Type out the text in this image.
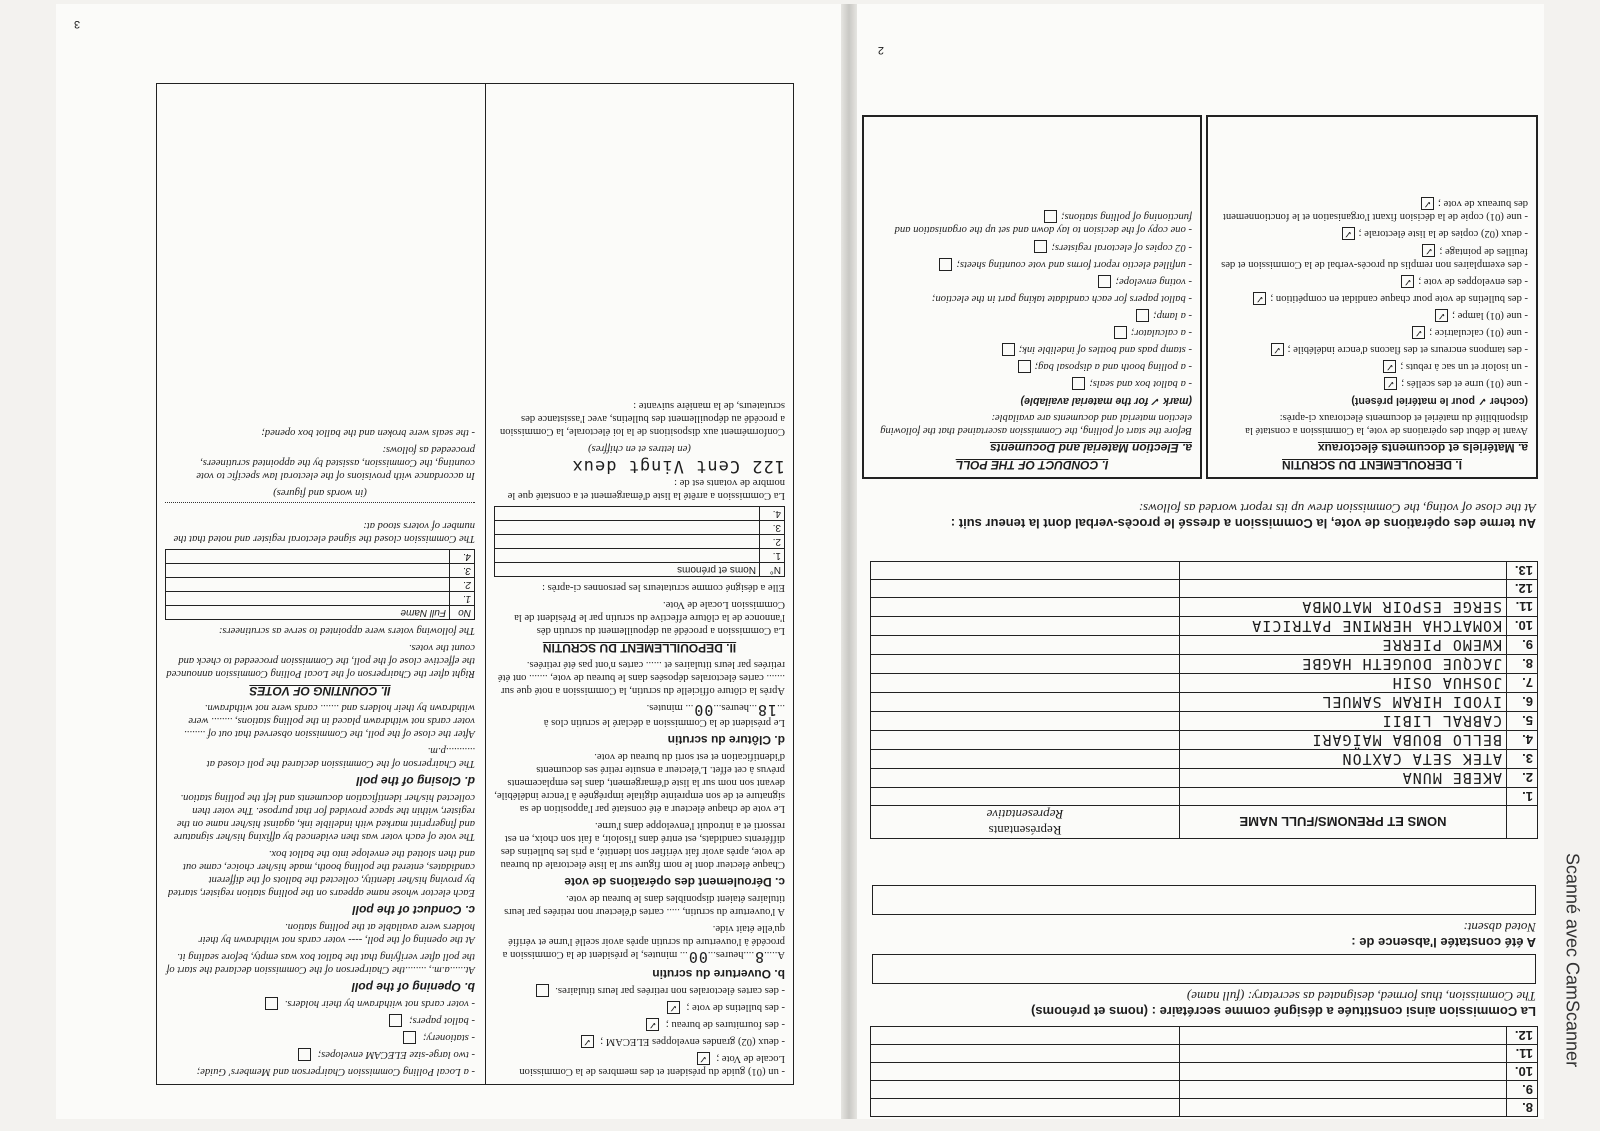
3

- un (01) guide du président et des membres de la Commission Locale de Vote ; ✓

- deux (02) grandes enveloppes ELECAM ; ✓

- des fournitures de bureau ; ✓

- des bulletins de vote ; ✓

- des cartes électorales non retirées par leurs titulaires.

b. Ouverture du scrutin

A.....8....heures...00... minutes, le président de la Commission a procédé à l'ouverture du scrutin après avoir scellé l'urne et vérifié qu'elle était vide.

A l'ouverture du scrutin, ..... cartes d'électeur non retirées par leurs titulaires étaient disponibles dans le bureau de vote.

c. Déroulement des opérations de vote

Chaque électeur dont le nom figure sur la liste électorale du bureau de vote, après avoir fait vérifier son identité, a pris les bulletins des différents candidats, est entré dans l'isoloir, a fait son choix, en est ressorti et a introduit l'enveloppe dans l'urne.

Le vote de chaque électeur a été constaté par l'apposition de sa signature et de son empreinte digitale imprégnée à l'encre indélébile, devant son nom sur la liste d'émargement, dans les emplacements prévus à cet effet. L'électeur a ensuite retiré ses documents d'identification et est sorti du bureau de vote.

d. Clôture du scrutin

Le président de la Commission a déclaré le scrutin clos à ...18...heures...00... minutes.

Après la clôture officielle du scrutin, la Commission a noté que sur ....... cartes électorales déposées dans le bureau de vote, ....... ont été retirées par leurs titulaires et ...... cartes n'ont pas été retirées.

II. DEPOUILLEMENT DU SCRUTIN

La Commission a procédé au dépouillement du scrutin dès l'annonce de la clôture effective du scrutin par le Président de la Commission Locale de Vote.

Elle a désigné comme scrutateurs les personnes ci-après :

N°	Noms et prénoms
1.	
2.	
3.	
4.	

La Commission a arrêté la liste d'émargement et a constaté que le nombre de votants est de :

122 Cent Vingt deux

(en lettres et en chiffres)

Conformément aux dispositions de la loi électorale, la Commission a procédé au dépouillement des bulletins, avec l'assistance des scrutateurs, de la manière suivante :

- a Local Polling Commission Chairperson and Members' Guide;

- two large-size ELECAM envelopes;

- stationery;

- ballot papers;

- voter cards not withdrawn by their holders.

b. Opening of the poll

At......a.m., ........the Chairperson of the Commission declared the start of the poll after verifying that the ballot box was empty, before sealing it.

At the opening of the poll, ---- voter cards not withdrawn by their holders were available at the polling station.

c. Conduct of the poll

Each elector whose name appears on the polling station register, started by proving his/her identity, collected the ballots of the different candidates, entered the polling booth, made his/her choice, came out and then slotted the envelope into the ballot box.

The vote of each voter was then evidenced by affixing his/her signature and fingerprint marked with indelible ink, against his/her name on the register, within the space provided for that purpose. The voter then collected his/her identification documents and left the polling station.

d. Closing of the poll

The Chairperson of the Commission declared the poll closed at ...........p.m.

After the close of the poll, the Commission observed that out of ........ voter cards not withdrawn placed in the polling stations, ........ were withdrawn by their holders and ....... cards were not withdrawn.

II. COUNTING OF VOTES

Right after the Chairperson of the Local Polling Commission announced the effective close of the poll, the Commission proceeded to check and count the votes.

The following voters were appointed to serve as scrutineers:

No	Full Name
1.	
2.	
3.	
4.	

The Commission closed the signed electoral register and noted that the number of voters stood at:

(in words and figures)

In accordance with provisions of the electoral law specific to vote counting, the Commission, assisted by the appointed scrutineers, proceeded as follows:

- the seals were broken and the ballot box opened;

2
8.		
9.		
10.		
11.		
12.		
La Commission ainsi constituée a désigné comme secrétaire : (noms et prénoms)
The Commission, thus formed, designated as secretary: (full name)
A été constatée l'absence de :
Noted absent:
	NOMS ET PRENOMS/FULL NAME	Représentants
Representative
1.		
2.	AKEBE MUNA	
3.	ATEK SETA CAXTON	
4.	BELLO BOUBA MAÏGARI	
5.	CABRAL LIBII	
6.	IYODI HIRAM SAMUEL	
7.	JOSHUA OSIH	
8.	JACQUE DOUGETH HAGBE	
9.	KWEMO PIERRE	
10.	KOMATCHA HERMINE PATRICIA	
11.	SERGE ESPOIR MATOMBA	
12.		
13.		
Au terme des opérations de vote, la Commission a dressé le procès-verbal dont la teneur suit :
At the close of voting, the Commission drew up its report worded as follows:

I. DEROULEMENT DU SCRUTIN

a. Matériels et documents électoraux

Avant le début des opérations de vote, la Commission a constaté la disponibilité du matériel et documents électoraux ci-après:

(cocher ✓ pour le matériel présent)

- une (01) urne et des scellés ;✓

- un isoloir et un sac à rebuts ;✓

- des tampons encreurs et des flacons d'encre indélébile ;✓

- une (01) calculatrice ;✓

- une (01) lampe ;✓

- des bulletins de vote pour chaque candidat en compétition ;✓

- des enveloppes de vote ;✓

- des exemplaires non remplis du procès-verbal de la Commission et des feuilles de pointage ;✓

- deux (02) copies de la liste électorale ;✓

- une (01) copie de la décision fixant l'organisation et le fonctionnement des bureaux de vote ;✓

I. CONDUCT OF THE POLL

a. Election Material and Documents

Before the start of polling, the Commission ascertained that the following election material and documents are available:

(mark ✓ for the material available)

- a ballot box and seals;

- a polling booth and a disposal bag;

- stamp pads and bottles of indelible ink;

- a calculator;

- a lamp;

- ballot papers for each candidate taking part in the election;

- voting envelope;

- unfilled electio report forms and vote counting sheets;

- 02 copies of electoral registers;

- one copy of the decision to lay down and set up the organisation and functioning of polling stations;

Scanné avec CamScanner
